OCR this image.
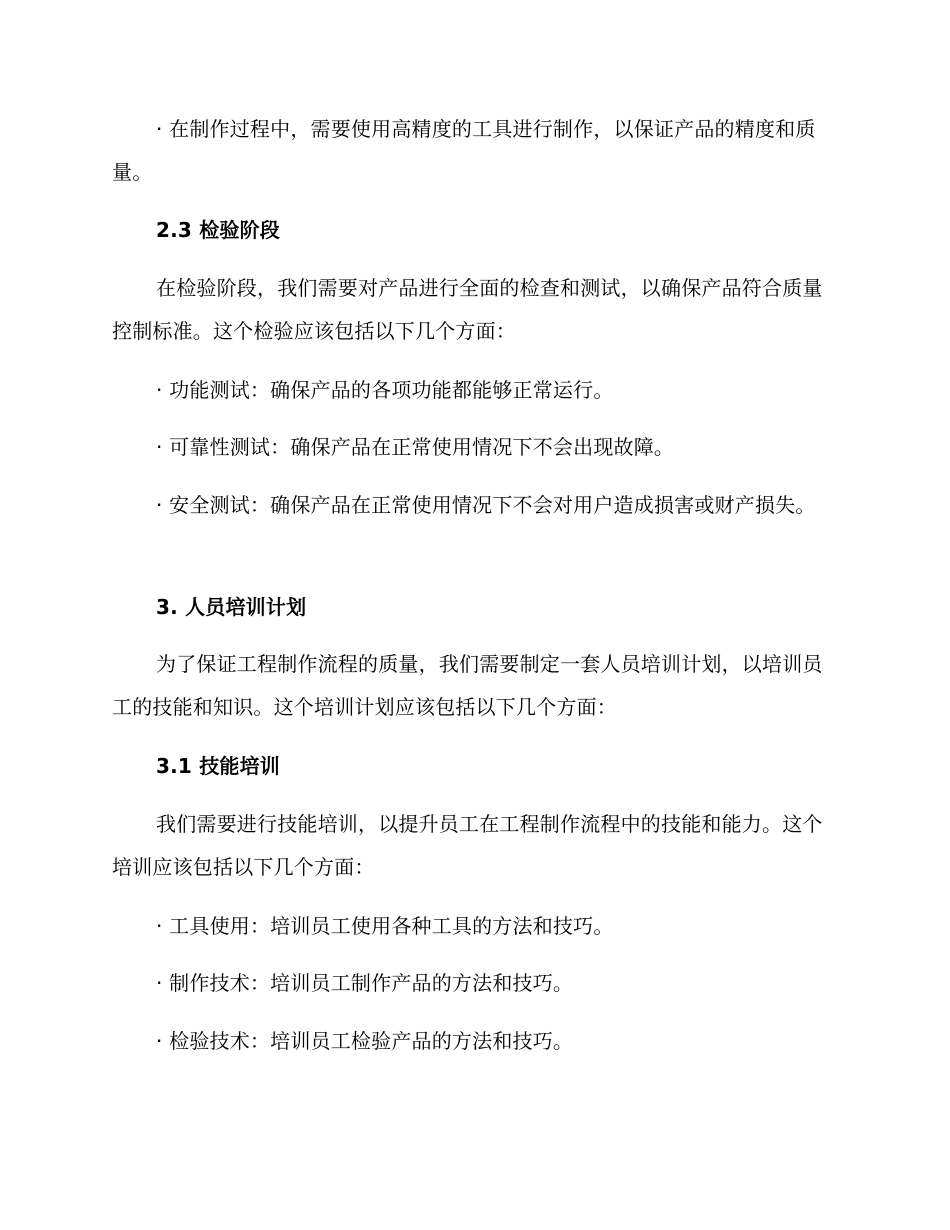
· 在制作过程中，需要使用高精度的工具进行制作，以保证产品的精度和质量。

2.3 检验阶段

在检验阶段，我们需要对产品进行全面的检查和测试，以确保产品符合质量控制标准。这个检验应该包括以下几个方面：

· 功能测试：确保产品的各项功能都能够正常运行。

· 可靠性测试：确保产品在正常使用情况下不会出现故障。

· 安全测试：确保产品在正常使用情况下不会对用户造成损害或财产损失。

3. 人员培训计划

为了保证工程制作流程的质量，我们需要制定一套人员培训计划，以培训员工的技能和知识。这个培训计划应该包括以下几个方面：

3.1 技能培训

我们需要进行技能培训，以提升员工在工程制作流程中的技能和能力。这个培训应该包括以下几个方面：

· 工具使用：培训员工使用各种工具的方法和技巧。

· 制作技术：培训员工制作产品的方法和技巧。

· 检验技术：培训员工检验产品的方法和技巧。
